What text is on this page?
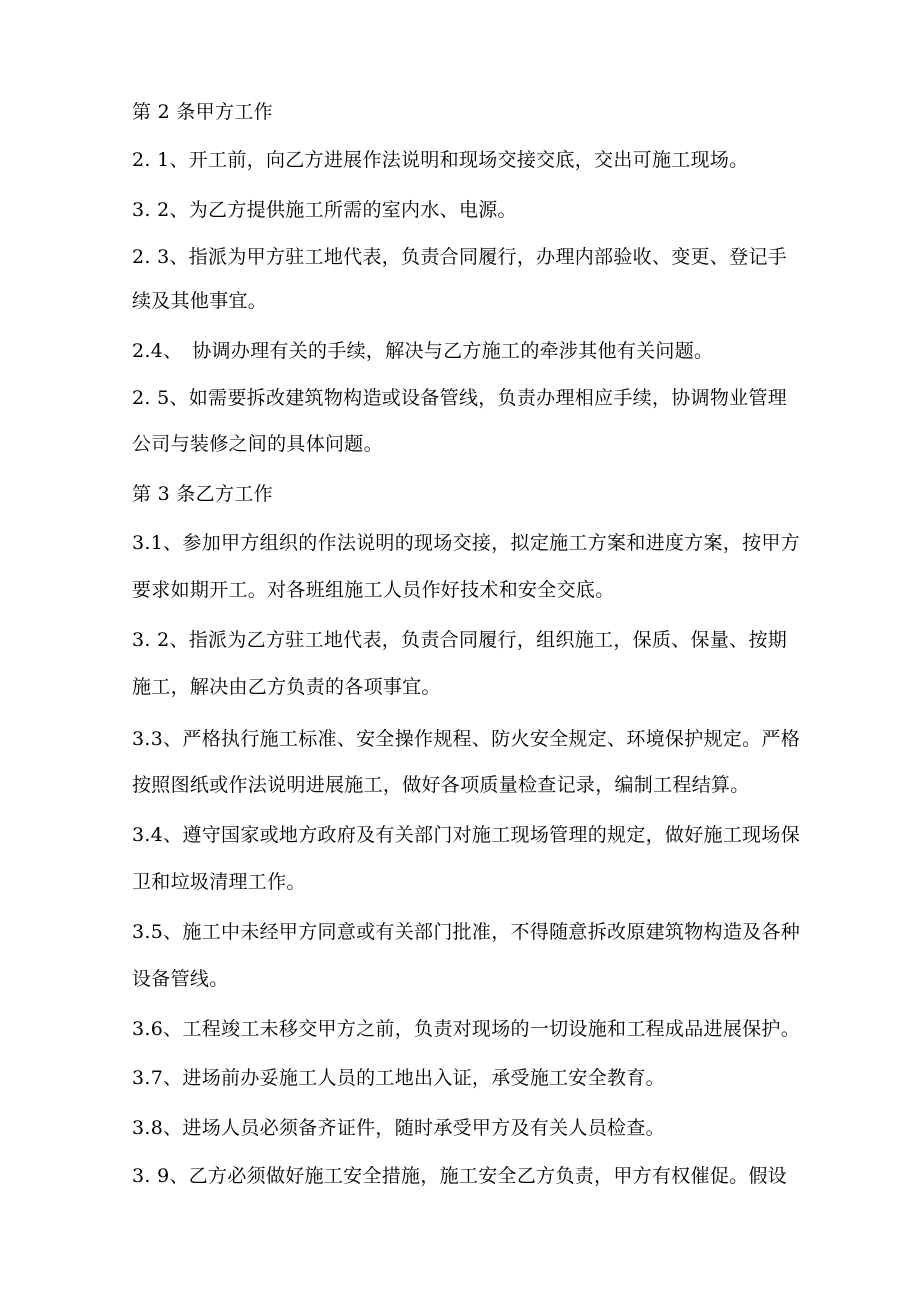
第 2 条甲方工作
2. 1、开工前，向乙方进展作法说明和现场交接交底，交出可施工现场。
3. 2、为乙方提供施工所需的室内水、电源。
2. 3、指派为甲方驻工地代表，负责合同履行，办理内部验收、变更、登记手
续及其他事宜。
2.4、　协调办理有关的手续，解决与乙方施工的牵涉其他有关问题。
2. 5、如需要拆改建筑物构造或设备管线，负责办理相应手续，协调物业管理
公司与装修之间的具体问题。
第 3 条乙方工作
3.1、参加甲方组织的作法说明的现场交接，拟定施工方案和进度方案，按甲方
要求如期开工。对各班组施工人员作好技术和安全交底。
3. 2、指派为乙方驻工地代表，负责合同履行，组织施工，保质、保量、按期
施工，解决由乙方负责的各项事宜。
3.3、严格执行施工标准、安全操作规程、防火安全规定、环境保护规定。严格
按照图纸或作法说明进展施工，做好各项质量检查记录，编制工程结算。
3.4、遵守国家或地方政府及有关部门对施工现场管理的规定，做好施工现场保
卫和垃圾清理工作。
3.5、施工中未经甲方同意或有关部门批准，不得随意拆改原建筑物构造及各种
设备管线。
3.6、工程竣工未移交甲方之前，负责对现场的一切设施和工程成品进展保护。
3.7、进场前办妥施工人员的工地出入证，承受施工安全教育。
3.8、进场人员必须备齐证件，随时承受甲方及有关人员检查。
3. 9、乙方必须做好施工安全措施，施工安全乙方负责，甲方有权催促。假设
